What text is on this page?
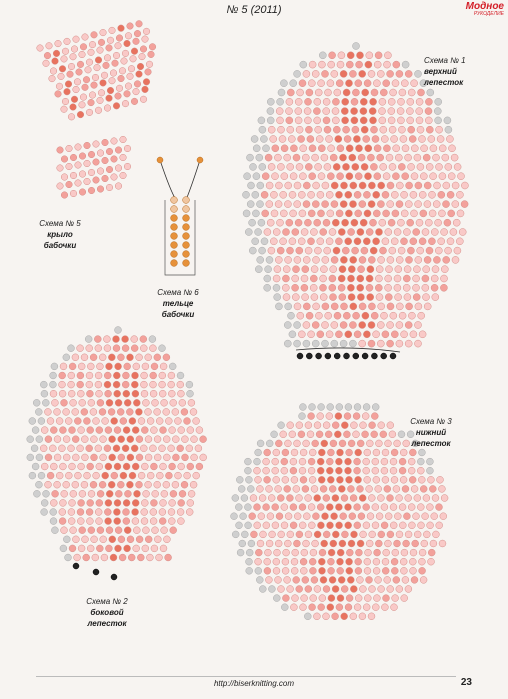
№ 5 (2011)	Модное
РУКОДЕЛИЕ
Схема № 1
верхний
лепесток
Схема № 5
крыло
бабочки
Схема № 6
тельце
бабочки
Схема № 3
нижний
лепесток
Схема № 2
боковой
лепесток
http://biserknitting.com	23
